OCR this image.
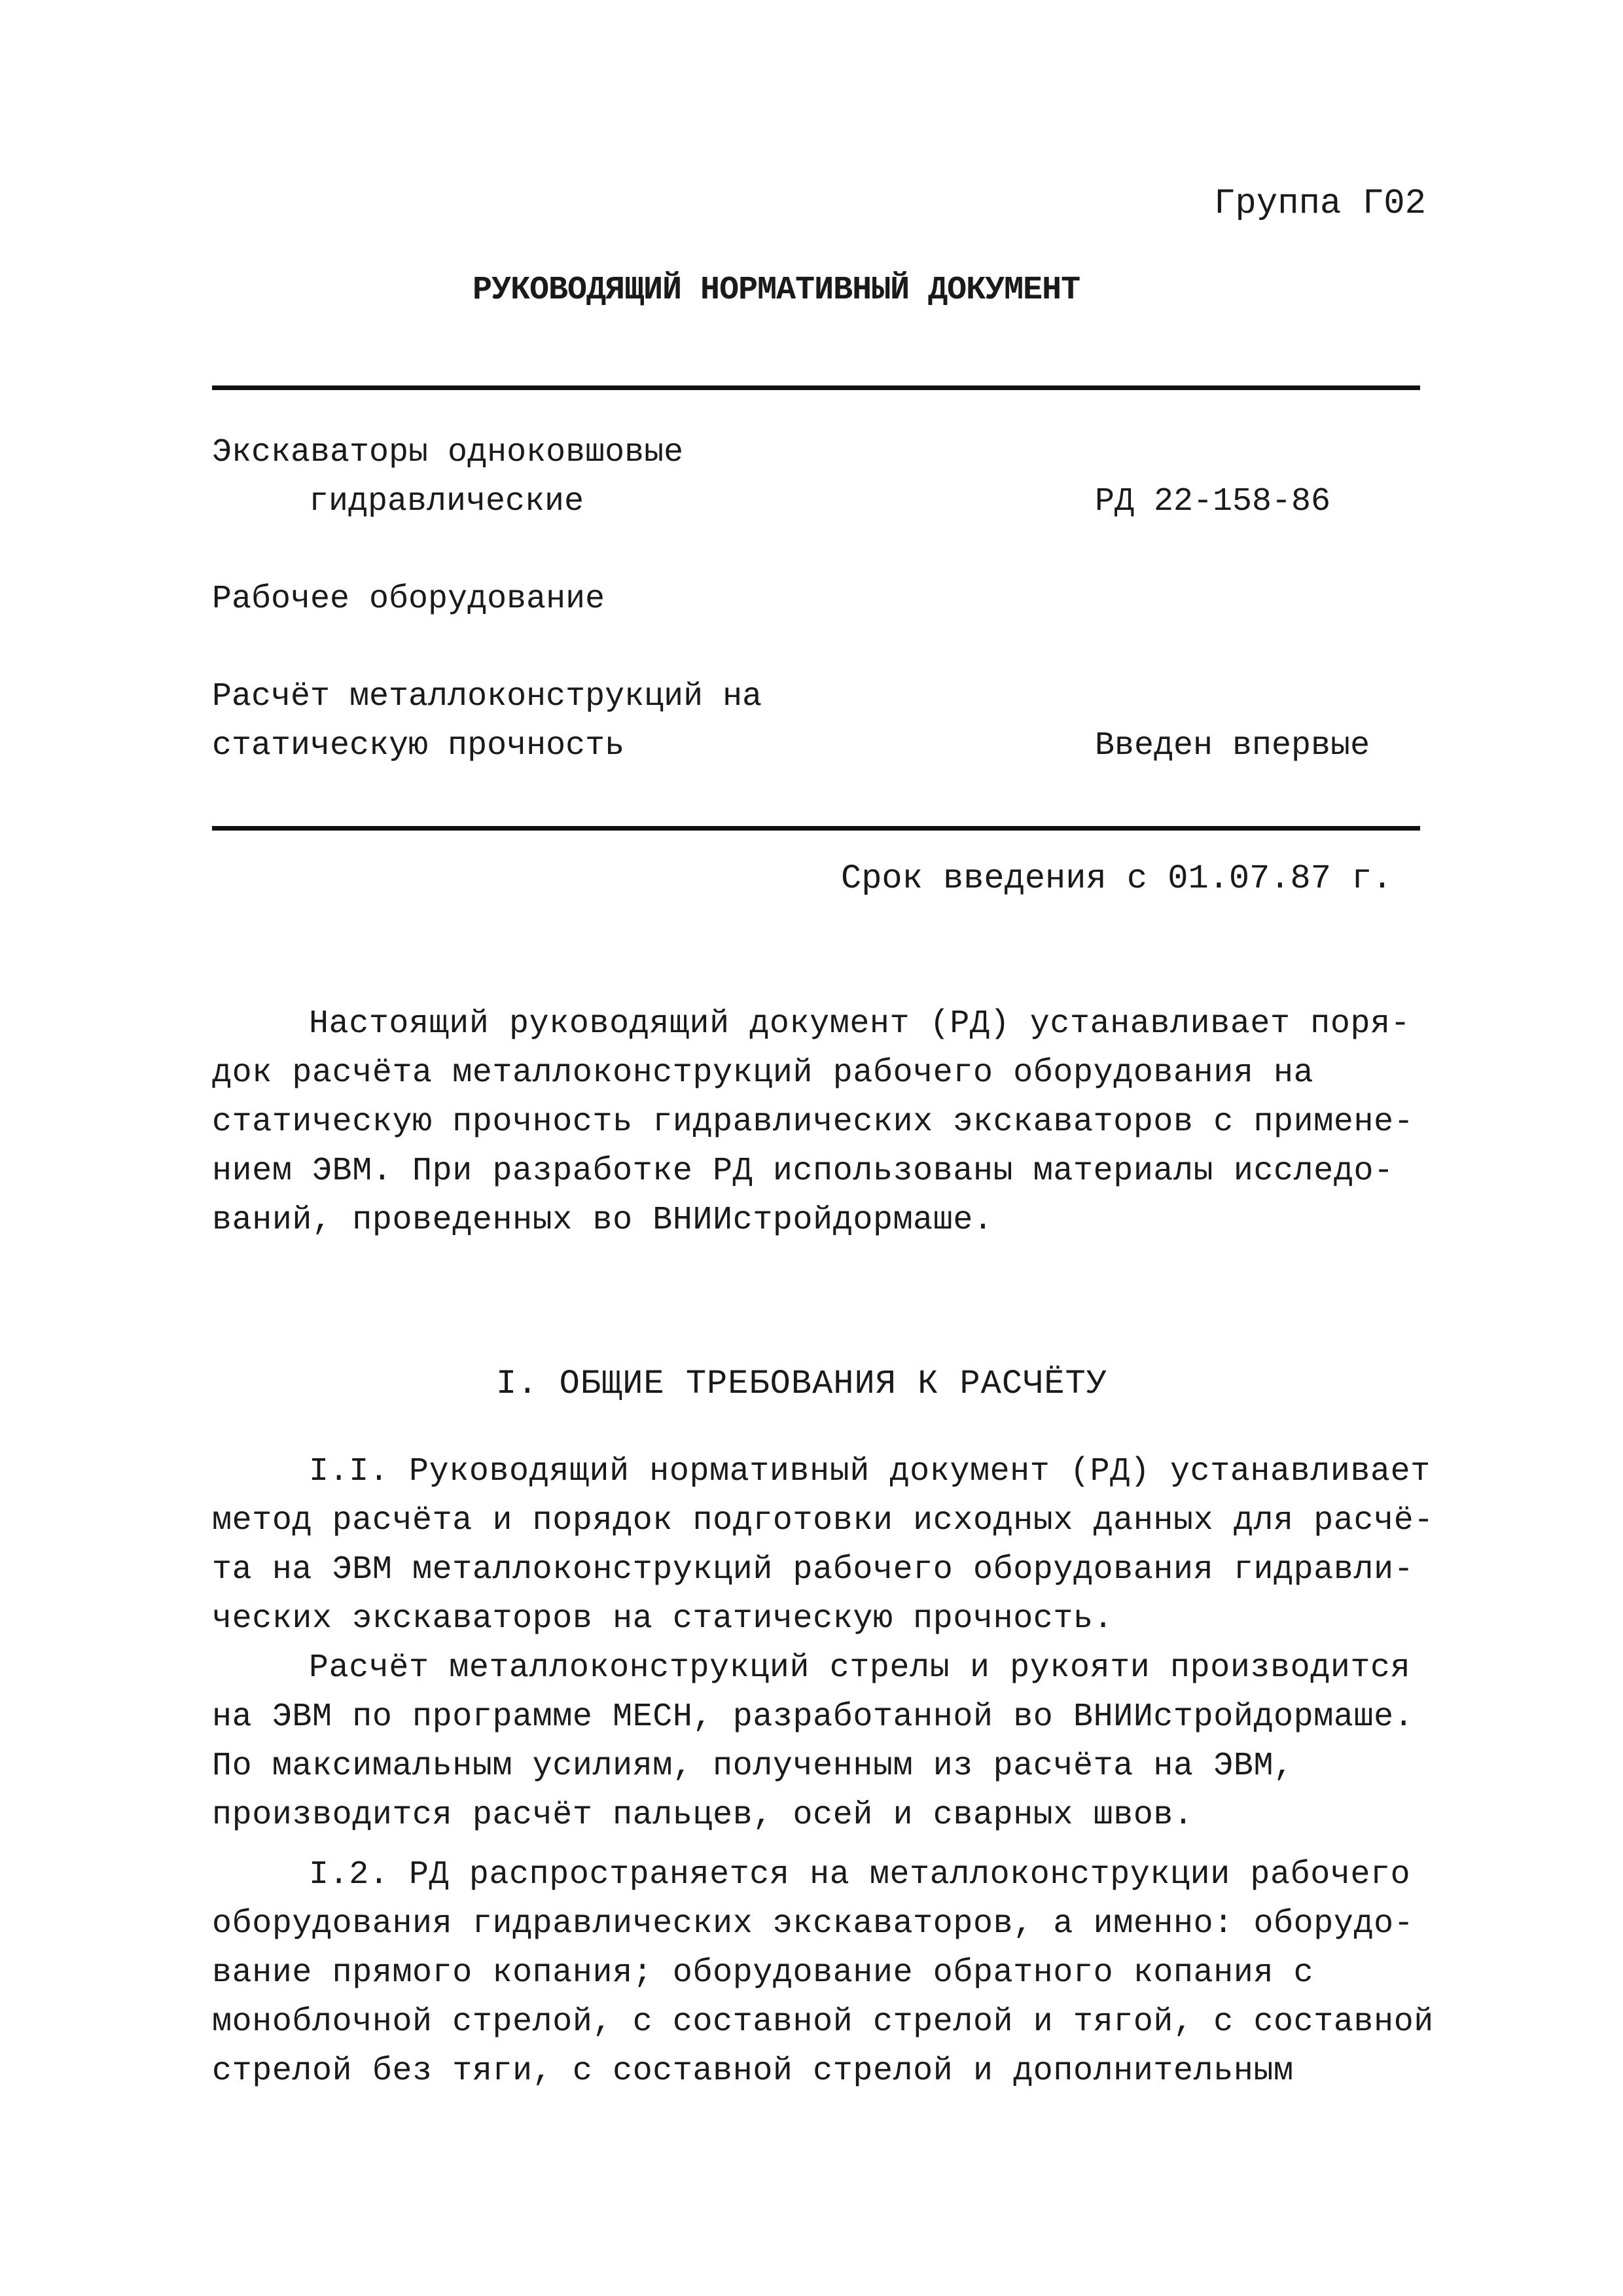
Группа Г02
РУКОВОДЯЩИЙ НОРМАТИВНЫЙ ДОКУМЕНТ
Экскаваторы одноковшовые
гидравлические	РД 22-158-86
Рабочее оборудование
Расчёт металлоконструкций на
статическую прочность	Введен впервые
Срок введения с 01.07.87 г.
Настоящий руководящий документ (РД) устанавливает поря-
док расчёта металлоконструкций рабочего оборудования на
статическую прочность гидравлических экскаваторов с примене-
нием ЭВМ. При разработке РД использованы материалы исследо-
ваний, проведенных во ВНИИстройдормаше.
I. ОБЩИЕ ТРЕБОВАНИЯ К РАСЧЁТУ
I.I. Руководящий нормативный документ (РД) устанавливает
метод расчёта и порядок подготовки исходных данных для расчё-
та на ЭВМ металлоконструкций рабочего оборудования гидравли-
ческих экскаваторов на статическую прочность.
Расчёт металлоконструкций стрелы и рукояти производится
на ЭВМ по программе МЕСН, разработанной во ВНИИстройдормаше.
По максимальным усилиям, полученным из расчёта на ЭВМ,
производится расчёт пальцев, осей и сварных швов.
I.2. РД распространяется на металлоконструкции рабочего
оборудования гидравлических экскаваторов, а именно: оборудо-
вание прямого копания; оборудование обратного копания с
моноблочной стрелой, с составной стрелой и тягой, с составной
стрелой без тяги, с составной стрелой и дополнительным
